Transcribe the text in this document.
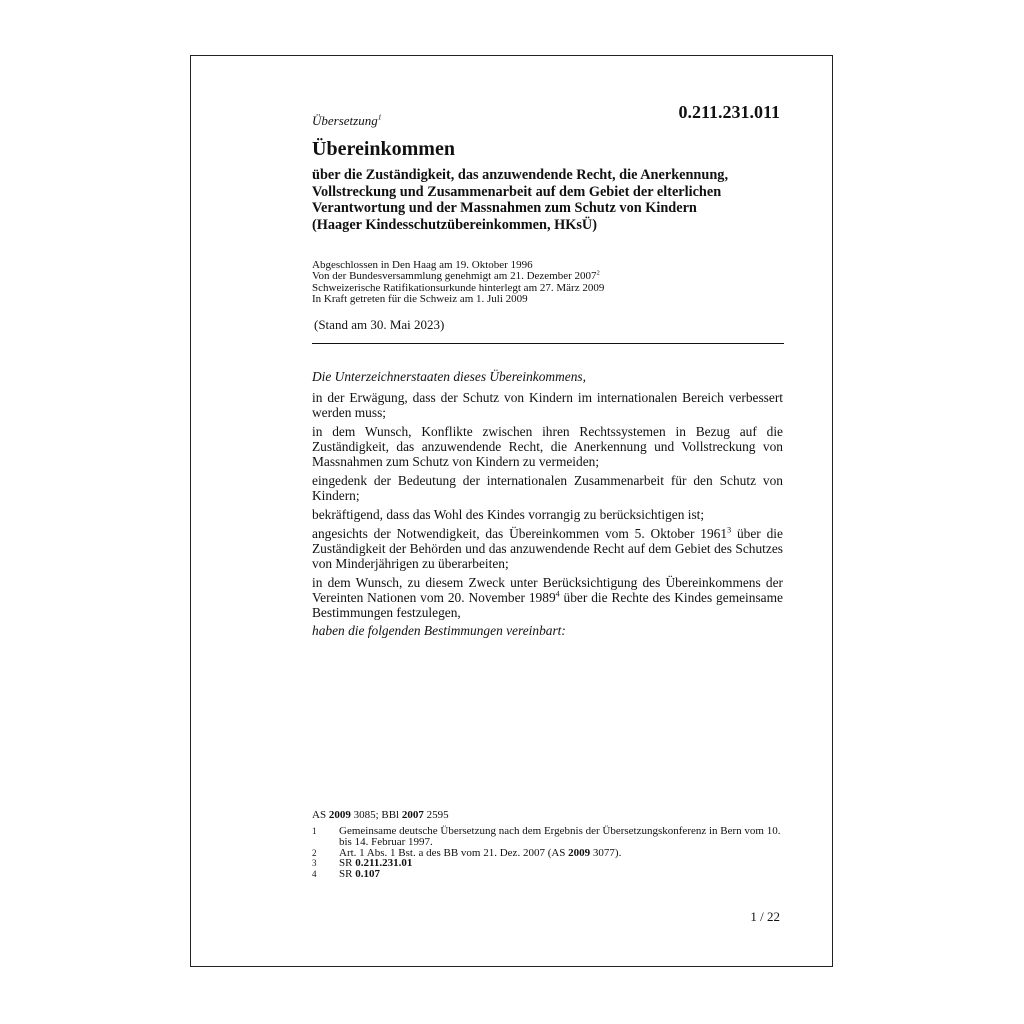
Übersetzung$^1$	0.211.231.011
Übereinkommen
über die Zuständigkeit, das anzuwendende Recht, die Anerkennung,
Vollstreckung und Zusammenarbeit auf dem Gebiet der elterlichen
Verantwortung und der Massnahmen zum Schutz von Kindern
(Haager Kindesschutzübereinkommen, HKsÜ)
Abgeschlossen in Den Haag am 19. Oktober 1996
Von der Bundesversammlung genehmigt am 21. Dezember 2007$^2$
Schweizerische Ratifikationsurkunde hinterlegt am 27. März 2009
In Kraft getreten für die Schweiz am 1. Juli 2009
(Stand am 30. Mai 2023)

Die Unterzeichnerstaaten dieses Übereinkommens,

in der Erwägung, dass der Schutz von Kindern im internationalen Bereich verbessert werden muss;

in dem Wunsch, Konflikte zwischen ihren Rechtssystemen in Bezug auf die Zuständigkeit, das anzuwendende Recht, die Anerkennung und Vollstreckung von Massnahmen zum Schutz von Kindern zu vermeiden;

eingedenk der Bedeutung der internationalen Zusammenarbeit für den Schutz von Kindern;

bekräftigend, dass das Wohl des Kindes vorrangig zu berücksichtigen ist;

angesichts der Notwendigkeit, das Übereinkommen vom 5. Oktober 1961$^3$ über die Zuständigkeit der Behörden und das anzuwendende Recht auf dem Gebiet des Schutzes von Minderjährigen zu überarbeiten;

in dem Wunsch, zu diesem Zweck unter Berücksichtigung des Übereinkommens der Vereinten Nationen vom 20. November 1989$^4$ über die Rechte des Kindes gemeinsame Bestimmungen festzulegen,

haben die folgenden Bestimmungen vereinbart:

AS 2009 3085; BBl 2007 2595
1	Gemeinsame deutsche Übersetzung nach dem Ergebnis der Übersetzungskonferenz in Bern vom 10. bis 14. Februar 1997.
2	Art. 1 Abs. 1 Bst. a des BB vom 21. Dez. 2007 (AS 2009 3077).
3	SR 0.211.231.01
4	SR 0.107
1 / 22
